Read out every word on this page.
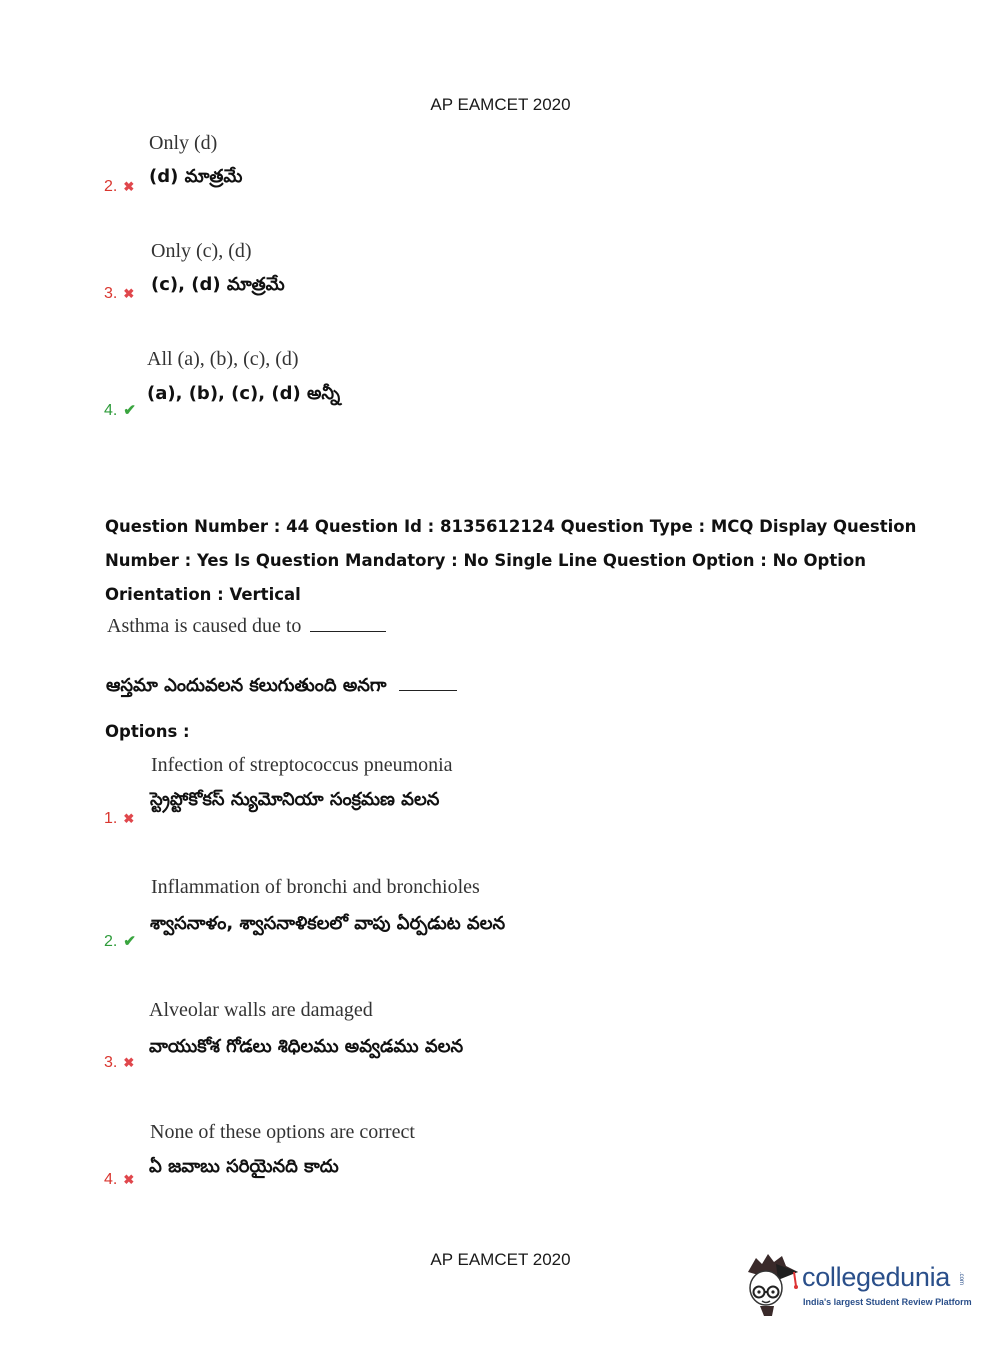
AP EAMCET 2020
Only (d)
(d) మాత్రమే
2. ✖
Only (c), (d)
(c), (d) మాత్రమే
3. ✖
All (a), (b), (c), (d)
(a), (b), (c), (d) అన్నీ
4. ✔
Question Number : 44 Question Id : 8135612124 Question Type : MCQ Display Question
Number : Yes Is Question Mandatory : No Single Line Question Option : No Option
Orientation : Vertical
Asthma is caused due to
ఆస్తమా ఎందువలన కలుగుతుంది అనగా
Options :
Infection of streptococcus pneumonia
స్ట్రెప్టోకోకస్ న్యుమోనియా సంక్రమణ వలన
1. ✖
Inflammation of bronchi and bronchioles
శ్వాసనాళం, శ్వాసనాళికలలో వాపు ఏర్పడుట వలన
2. ✔
Alveolar walls are damaged
వాయుకోశ గోడలు శిధిలము అవ్వడము వలన
3. ✖
None of these options are correct
ఏ జవాబు సరియైనది కాదు
4. ✖
AP EAMCET 2020
collegedunia .com
India's largest Student Review Platform
